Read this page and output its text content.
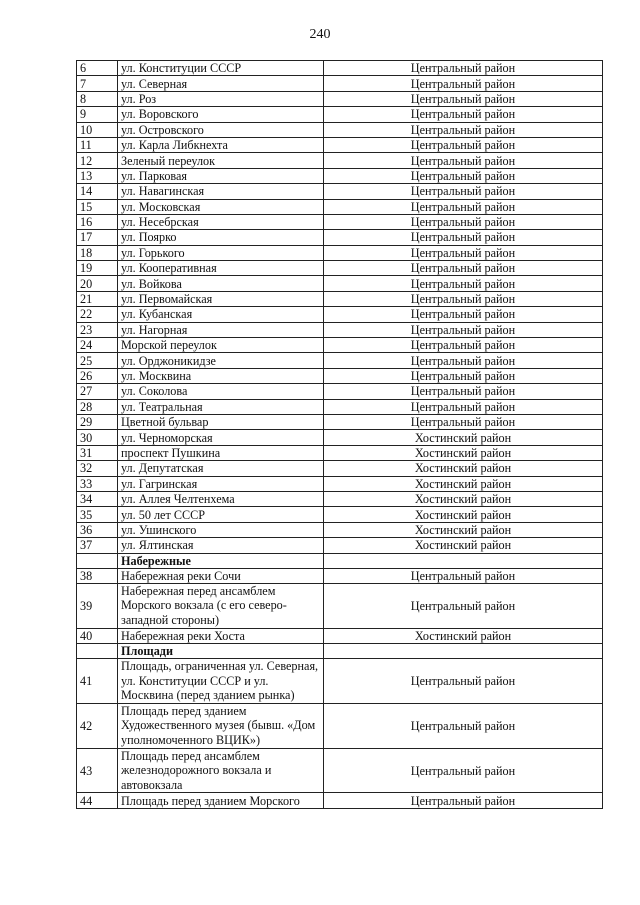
240
6	ул. Конституции СССР	Центральный район
7	ул. Северная	Центральный район
8	ул. Роз	Центральный район
9	ул. Воровского	Центральный район
10	ул. Островского	Центральный район
11	ул. Карла Либкнехта	Центральный район
12	Зеленый переулок	Центральный район
13	ул. Парковая	Центральный район
14	ул. Навагинская	Центральный район
15	ул. Московская	Центральный район
16	ул. Несебрская	Центральный район
17	ул. Поярко	Центральный район
18	ул. Горького	Центральный район
19	ул. Кооперативная	Центральный район
20	ул. Войкова	Центральный район
21	ул. Первомайская	Центральный район
22	ул. Кубанская	Центральный район
23	ул. Нагорная	Центральный район
24	Морской переулок	Центральный район
25	ул. Орджоникидзе	Центральный район
26	ул. Москвина	Центральный район
27	ул. Соколова	Центральный район
28	ул. Театральная	Центральный район
29	Цветной бульвар	Центральный район
30	ул. Черноморская	Хостинский район
31	проспект Пушкина	Хостинский район
32	ул. Депутатская	Хостинский район
33	ул. Гагринская	Хостинский район
34	ул. Аллея Челтенхема	Хостинский район
35	ул. 50 лет СССР	Хостинский район
36	ул. Ушинского	Хостинский район
37	ул. Ялтинская	Хостинский район
	Набережные	
38	Набережная реки Сочи	Центральный район
39	Набережная перед ансамблем Морского вокзала (с его северо-западной стороны)	Центральный район
40	Набережная реки Хоста	Хостинский район
	Площади	
41	Площадь, ограниченная ул. Северная, ул. Конституции СССР и ул. Москвина (перед зданием рынка)	Центральный район
42	Площадь перед зданием Художественного музея (бывш. «Дом уполномоченного ВЦИК»)	Центральный район
43	Площадь перед ансамблем железнодорожного вокзала и автовокзала	Центральный район
44	Площадь перед зданием Морского	Центральный район
